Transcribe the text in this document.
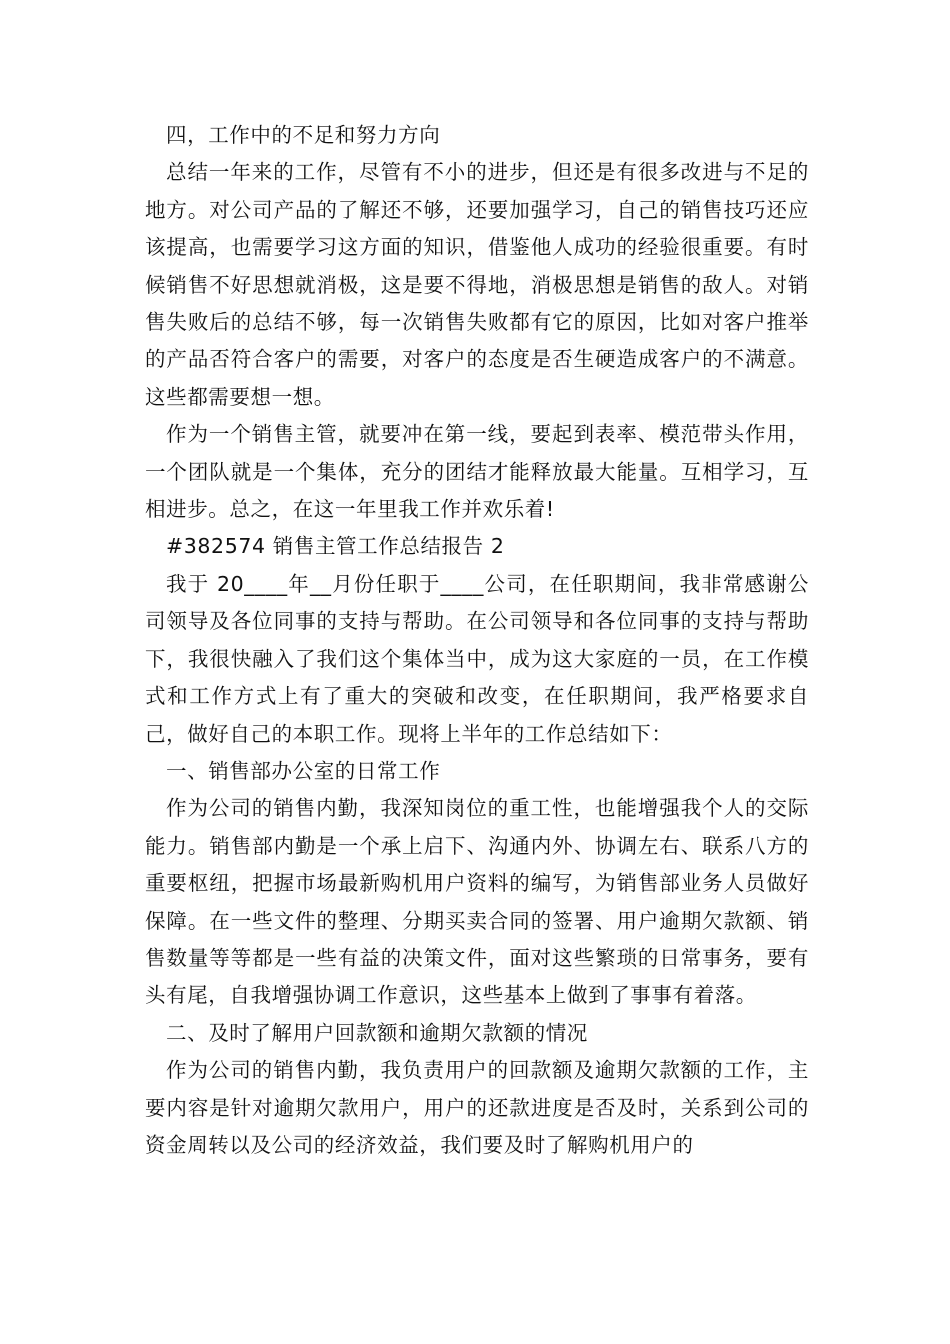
四，工作中的不足和努力方向

总结一年来的工作，尽管有不小的进步，但还是有很多改进与不足的地方。对公司产品的了解还不够，还要加强学习，自己的销售技巧还应该提高，也需要学习这方面的知识，借鉴他人成功的经验很重要。有时候销售不好思想就消极，这是要不得地，消极思想是销售的敌人。对销售失败后的总结不够，每一次销售失败都有它的原因，比如对客户推举的产品否符合客户的需要，对客户的态度是否生硬造成客户的不满意。这些都需要想一想。

作为一个销售主管，就要冲在第一线，要起到表率、模范带头作用，一个团队就是一个集体，充分的团结才能释放最大能量。互相学习，互相进步。总之，在这一年里我工作并欢乐着!

#382574 销售主管工作总结报告 2

我于 20____年__月份任职于____公司，在任职期间，我非常感谢公司领导及各位同事的支持与帮助。在公司领导和各位同事的支持与帮助下，我很快融入了我们这个集体当中，成为这大家庭的一员，在工作模式和工作方式上有了重大的突破和改变，在任职期间，我严格要求自己，做好自己的本职工作。现将上半年的工作总结如下：

一、销售部办公室的日常工作

作为公司的销售内勤，我深知岗位的重工性，也能增强我个人的交际能力。销售部内勤是一个承上启下、沟通内外、协调左右、联系八方的重要枢纽，把握市场最新购机用户资料的编写，为销售部业务人员做好保障。在一些文件的整理、分期买卖合同的签署、用户逾期欠款额、销售数量等等都是一些有益的决策文件，面对这些繁琐的日常事务，要有头有尾，自我增强协调工作意识，这些基本上做到了事事有着落。

二、及时了解用户回款额和逾期欠款额的情况

作为公司的销售内勤，我负责用户的回款额及逾期欠款额的工作，主要内容是针对逾期欠款用户，用户的还款进度是否及时，关系到公司的资金周转以及公司的经济效益，我们要及时了解购机用户的
